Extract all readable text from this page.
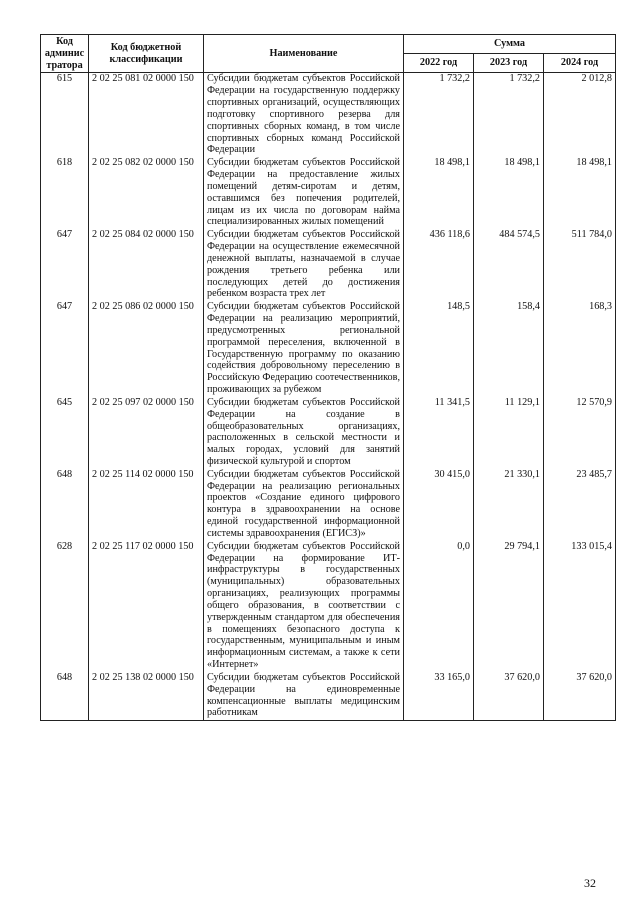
Код админис тратора	Код бюджетной классификации	Наименование	Сумма		
			2022 год	2023 год	2024 год
615	2 02 25 081 02 0000 150	Субсидии бюджетам субъектов Российской Федерации на государственную поддержку спортивных организаций, осуществляющих подготовку спортивного резерва для спортивных сборных команд, в том числе спортивных сборных команд Российской Федерации	1 732,2	1 732,2	2 012,8
618	2 02 25 082 02 0000 150	Субсидии бюджетам субъектов Российской Федерации на предоставление жилых помещений детям-сиротам и детям, оставшимся без попечения родителей, лицам из их числа по договорам найма специализированных жилых помещений	18 498,1	18 498,1	18 498,1
647	2 02 25 084 02 0000 150	Субсидии бюджетам субъектов Российской Федерации на осуществление ежемесячной денежной выплаты, назначаемой в случае рождения третьего ребенка или последующих детей до достижения ребенком возраста трех лет	436 118,6	484 574,5	511 784,0
647	2 02 25 086 02 0000 150	Субсидии бюджетам субъектов Российской Федерации на реализацию мероприятий, предусмотренных региональной программой переселения, включенной в Государственную программу по оказанию содействия добровольному переселению в Российскую Федерацию соотечественников, проживающих за рубежом	148,5	158,4	168,3
645	2 02 25 097 02 0000 150	Субсидии бюджетам субъектов Российской Федерации на создание в общеобразовательных организациях, расположенных в сельской местности и малых городах, условий для занятий физической культурой и спортом	11 341,5	11 129,1	12 570,9
648	2 02 25 114 02 0000 150	Субсидии бюджетам субъектов Российской Федерации на реализацию региональных проектов «Создание единого цифрового контура в здравоохранении на основе единой государственной информационной системы здравоохранения (ЕГИСЗ)»	30 415,0	21 330,1	23 485,7
628	2 02 25 117 02 0000 150	Субсидии бюджетам субъектов Российской Федерации на формирование ИТ-инфраструктуры в государственных (муниципальных) образовательных организациях, реализующих программы общего образования, в соответствии с утвержденным стандартом для обеспечения в помещениях безопасного доступа к государственным, муниципальным и иным информационным системам, а также к сети «Интернет»	0,0	29 794,1	133 015,4
648	2 02 25 138 02 0000 150	Субсидии бюджетам субъектов Российской Федерации на единовременные компенсационные выплаты медицинским работникам	33 165,0	37 620,0	37 620,0
32
